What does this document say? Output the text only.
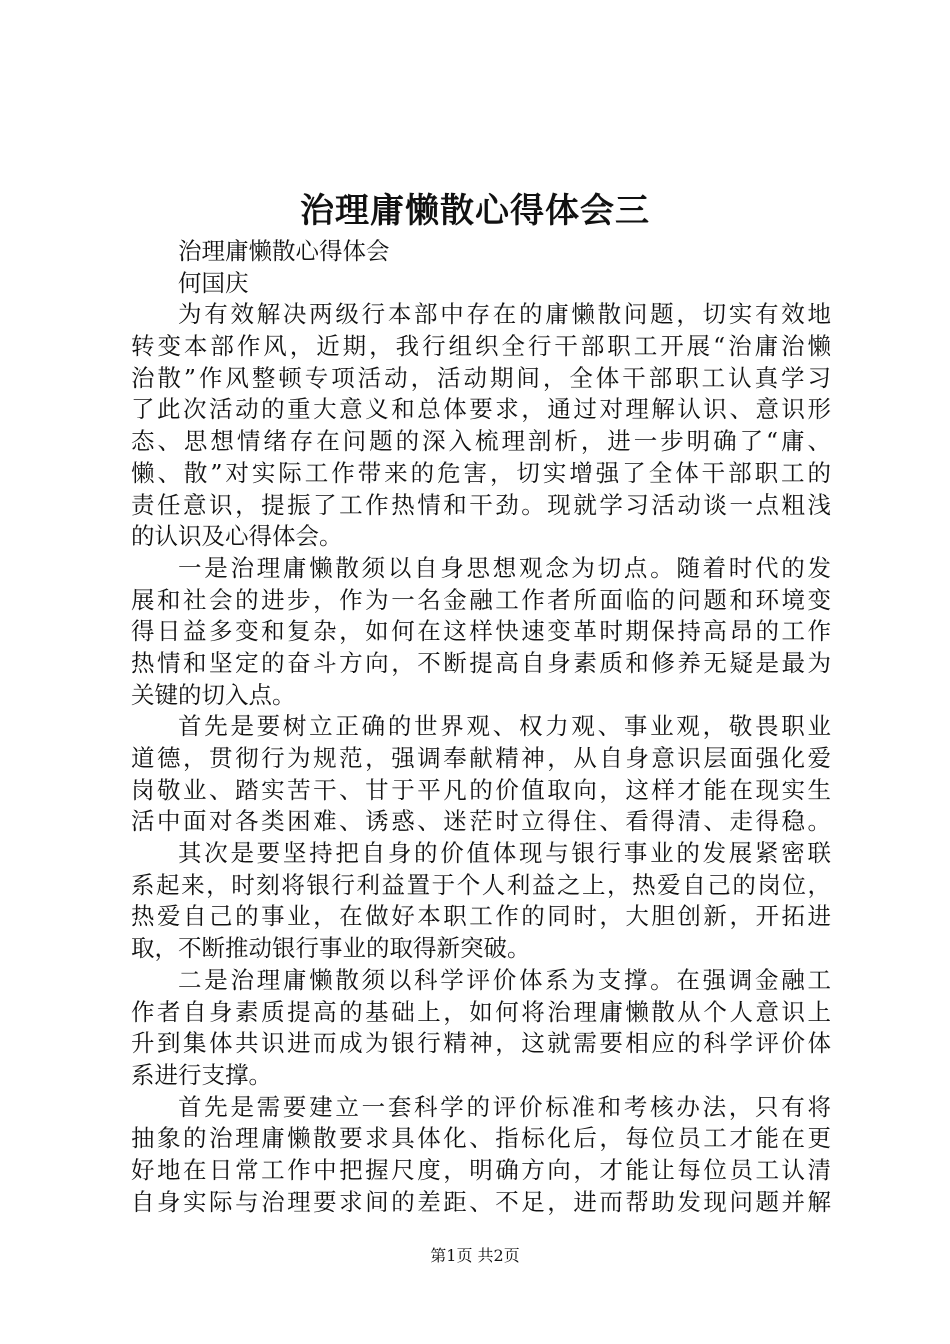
治理庸懒散心得体会三
治理庸懒散心得体会
何国庆
为有效解决两级行本部中存在的庸懒散问题，切实有效地
转变本部作风，近期，我行组织全行干部职工开展“治庸治懒
治散”作风整顿专项活动，活动期间，全体干部职工认真学习
了此次活动的重大意义和总体要求，通过对理解认识、意识形
态、思想情绪存在问题的深入梳理剖析，进一步明确了“庸、
懒、散”对实际工作带来的危害，切实增强了全体干部职工的
责任意识，提振了工作热情和干劲。现就学习活动谈一点粗浅
的认识及心得体会。
一是治理庸懒散须以自身思想观念为切点。随着时代的发
展和社会的进步，作为一名金融工作者所面临的问题和环境变
得日益多变和复杂，如何在这样快速变革时期保持高昂的工作
热情和坚定的奋斗方向，不断提高自身素质和修养无疑是最为
关键的切入点。
首先是要树立正确的世界观、权力观、事业观，敬畏职业
道德，贯彻行为规范，强调奉献精神，从自身意识层面强化爱
岗敬业、踏实苦干、甘于平凡的价值取向，这样才能在现实生
活中面对各类困难、诱惑、迷茫时立得住、看得清、走得稳。
其次是要坚持把自身的价值体现与银行事业的发展紧密联
系起来，时刻将银行利益置于个人利益之上，热爱自己的岗位，
热爱自己的事业，在做好本职工作的同时，大胆创新，开拓进
取，不断推动银行事业的取得新突破。
二是治理庸懒散须以科学评价体系为支撑。在强调金融工
作者自身素质提高的基础上，如何将治理庸懒散从个人意识上
升到集体共识进而成为银行精神，这就需要相应的科学评价体
系进行支撑。
首先是需要建立一套科学的评价标准和考核办法，只有将
抽象的治理庸懒散要求具体化、指标化后，每位员工才能在更
好地在日常工作中把握尺度，明确方向，才能让每位员工认清
自身实际与治理要求间的差距、不足，进而帮助发现问题并解
第1页 共2页
